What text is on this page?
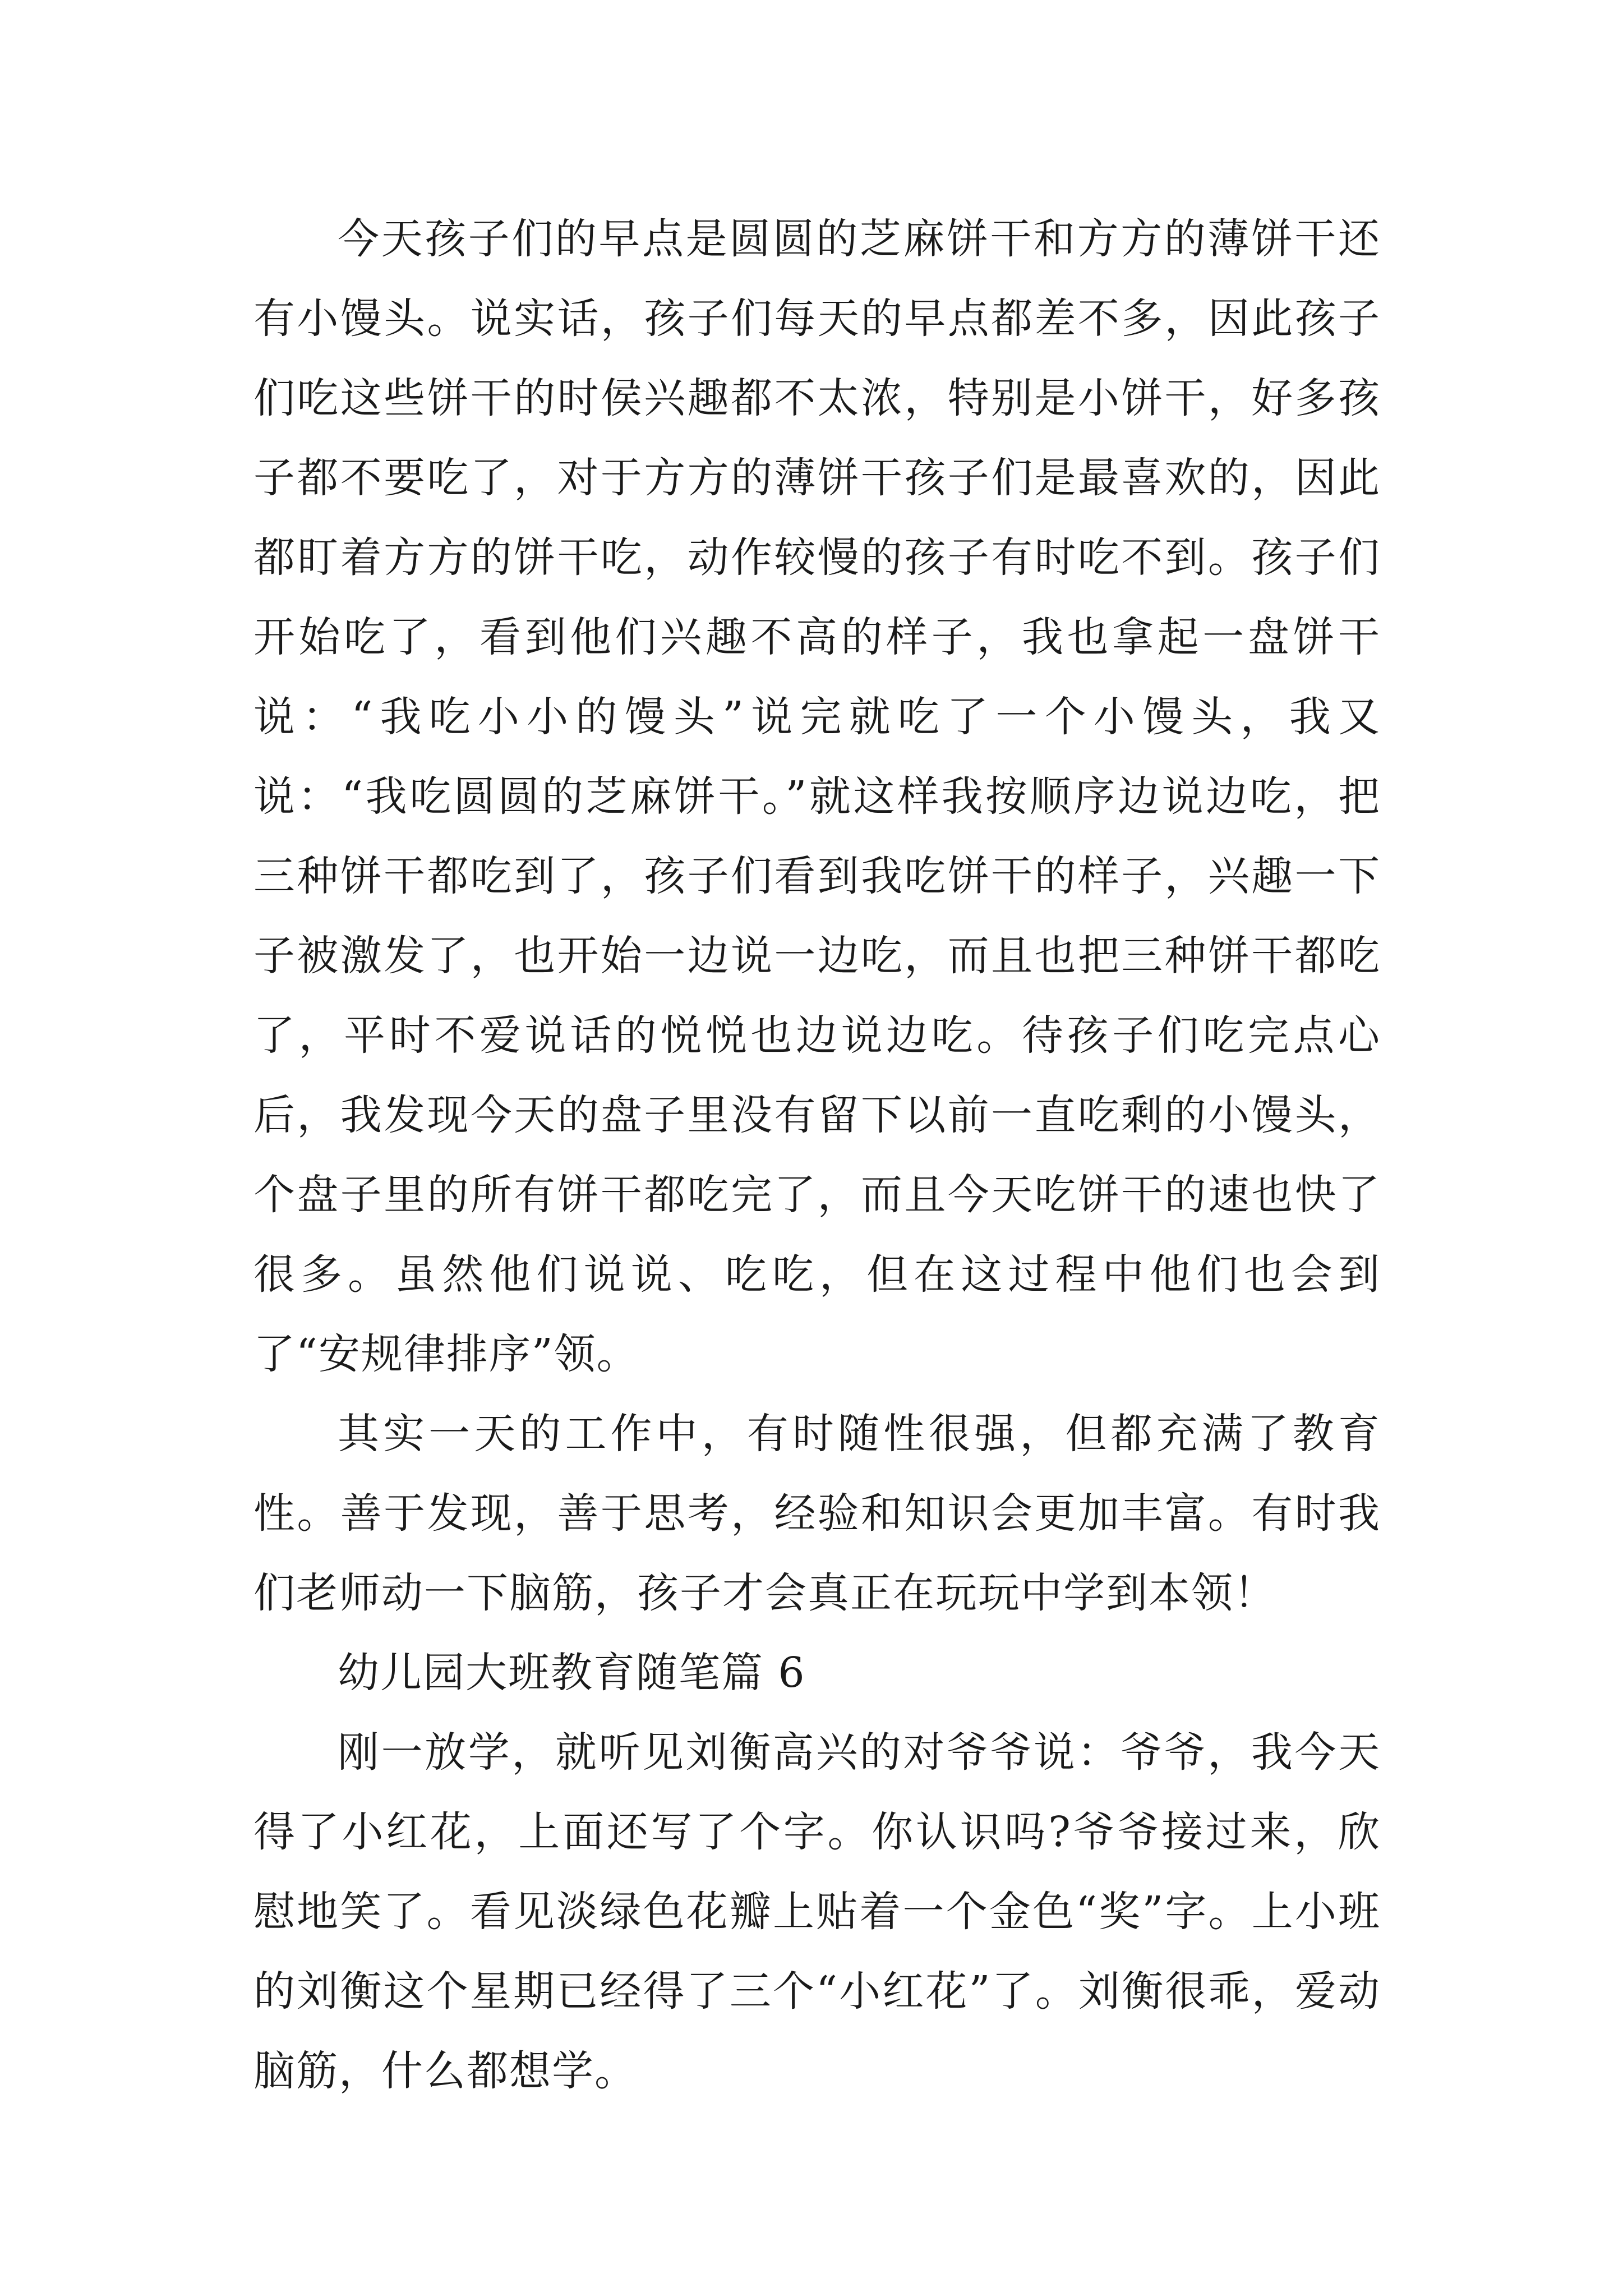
今天孩子们的早点是圆圆的芝麻饼干和方方的薄饼干还有小馒头。说实话，孩子们每天的早点都差不多，因此孩子们吃这些饼干的时侯兴趣都不太浓，特别是小饼干，好多孩子都不要吃了，对于方方的薄饼干孩子们是最喜欢的，因此都盯着方方的饼干吃，动作较慢的孩子有时吃不到。孩子们开始吃了，看到他们兴趣不高的样子，我也拿起一盘饼干说：“我吃小小的馒头”说完就吃了一个小馒头，我又说：“我吃圆圆的芝麻饼干。”就这样我按顺序边说边吃，把三种饼干都吃到了，孩子们看到我吃饼干的样子，兴趣一下子被激发了，也开始一边说一边吃，而且也把三种饼干都吃了，平时不爱说话的悦悦也边说边吃。待孩子们吃完点心后，我发现今天的盘子里没有留下以前一直吃剩的小馒头，个盘子里的所有饼干都吃完了，而且今天吃饼干的速也快了很多。虽然他们说说、吃吃，但在这过程中他们也会到了“安规律排序”领。

其实一天的工作中，有时随性很强，但都充满了教育性。善于发现，善于思考，经验和知识会更加丰富。有时我们老师动一下脑筋，孩子才会真正在玩玩中学到本领！

幼儿园大班教育随笔篇 6

刚一放学，就听见刘衡高兴的对爷爷说：爷爷，我今天得了小红花，上面还写了个字。你认识吗?爷爷接过来，欣慰地笑了。看见淡绿色花瓣上贴着一个金色“奖”字。上小班的刘衡这个星期已经得了三个“小红花”了。刘衡很乖，爱动脑筋，什么都想学。
